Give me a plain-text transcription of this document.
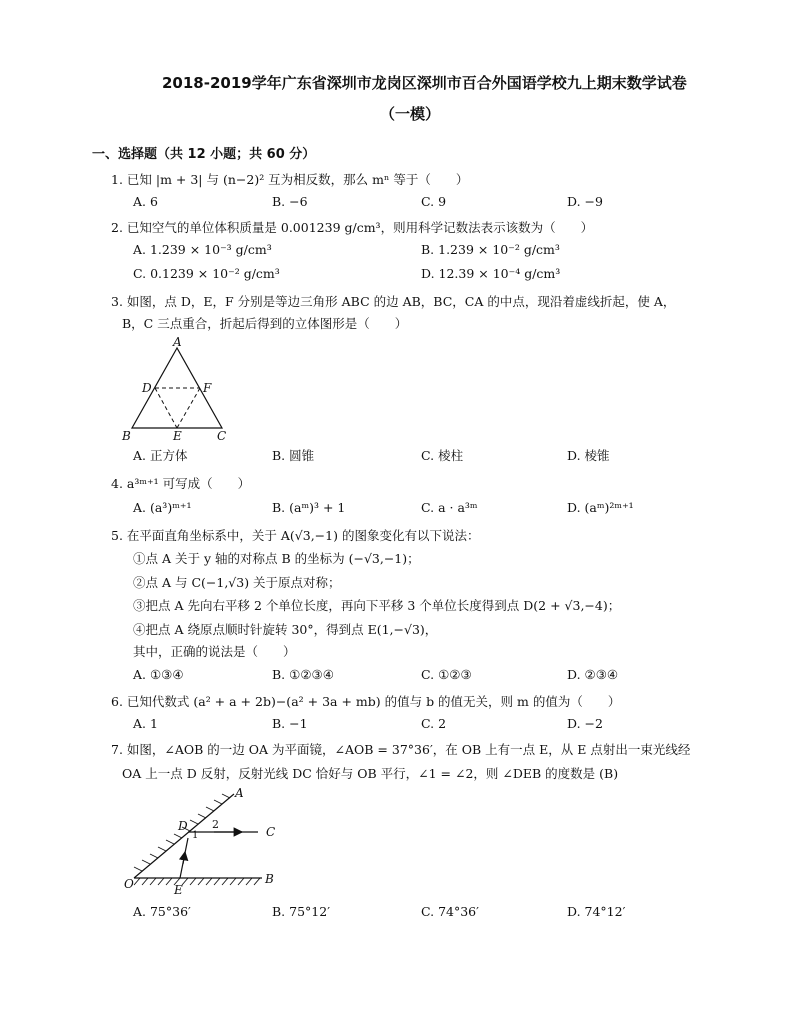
2018-2019学年广东省深圳市龙岗区深圳市百合外国语学校九上期末数学试卷
（一模）
一、选择题（共 12 小题；共 60 分）
1. 已知 |m + 3| 与 (n−2)² 互为相反数，那么 mⁿ 等于（　　）
A. 6	B. −6	C. 9	D. −9
2. 已知空气的单位体积质量是 0.001239 g/cm³，则用科学记数法表示该数为（　　）
A. 1.239 × 10⁻³ g/cm³	B. 1.239 × 10⁻² g/cm³
C. 0.1239 × 10⁻² g/cm³	D. 12.39 × 10⁻⁴ g/cm³
3. 如图，点 D，E，F 分别是等边三角形 ABC 的边 AB，BC，CA 的中点，现沿着虚线折起，使 A，
B，C 三点重合，折起后得到的立体图形是（　　）
A
B	C
D
E
F
A. 正方体	B. 圆锥	C. 棱柱	D. 棱锥
4. a³ᵐ⁺¹ 可写成（　　）
A. (a³)ᵐ⁺¹	B. (aᵐ)³ + 1	C. a · a³ᵐ	D. (aᵐ)²ᵐ⁺¹
5. 在平面直角坐标系中，关于 A(√3,−1) 的图象变化有以下说法：
①点 A 关于 y 轴的对称点 B 的坐标为 (−√3,−1)；
②点 A 与 C(−1,√3) 关于原点对称；
③把点 A 先向右平移 2 个单位长度，再向下平移 3 个单位长度得到点 D(2 + √3,−4)；
④把点 A 绕原点顺时针旋转 30°，得到点 E(1,−√3)，
其中，正确的说法是（　　）
A. ①③④	B. ①②③④	C. ①②③	D. ②③④
6. 已知代数式 (a² + a + 2b)−(a² + 3a + mb) 的值与 b 的值无关，则 m 的值为（　　）
A. 1	B. −1	C. 2	D. −2
7. 如图，∠AOB 的一边 OA 为平面镜，∠AOB = 37°36′，在 OB 上有一点 E，从 E 点射出一束光线经
OA 上一点 D 反射，反射光线 DC 恰好与 OB 平行，∠1 = ∠2，则 ∠DEB 的度数是 (B)
O
A
B
C
D
E
1
2
A. 75°36′	B. 75°12′	C. 74°36′	D. 74°12′
